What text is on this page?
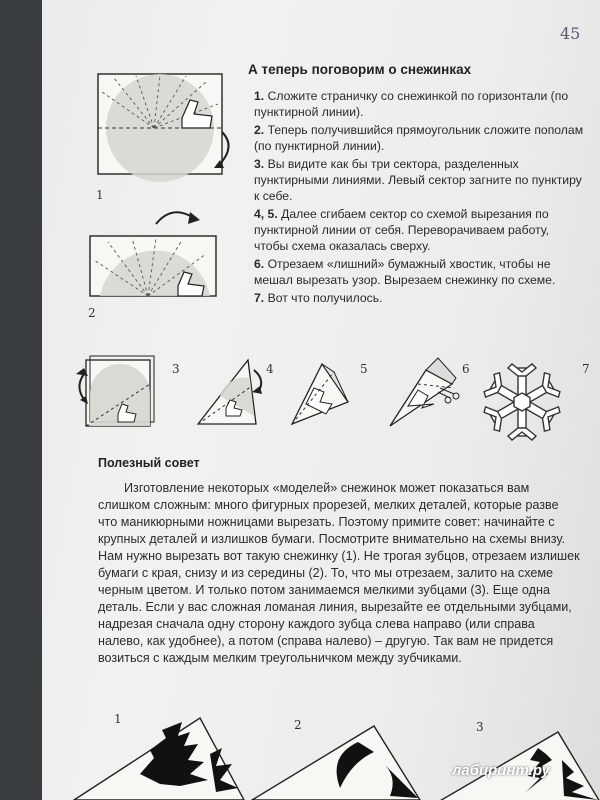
45
1
2
А теперь поговорим о снежинках

1. Сложите страничку со снежинкой по горизонтали (по пунктирной линии).

2. Теперь получившийся прямоугольник сложите пополам (по пунктирной линии).

3. Вы видите как бы три сектора, разделенных пунктирными линиями. Левый сектор загните по пунктиру к себе.

4, 5. Далее сгибаем сектор со схемой вырезания по пунктирной линии от себя. Переворачиваем работу, чтобы схема оказалась сверху.

6. Отрезаем «лишний» бумажный хвостик, чтобы не мешал вырезать узор. Вырезаем снежинку по схеме.

7. Вот что получилось.

3	4	5	6	7
Полезный совет
Изготовление некоторых «моделей» снежинок может показаться вам слишком сложным: много фигурных прорезей, мелких деталей, которые разве что маникюрными ножницами вырезать. Поэтому примите совет: начинайте с крупных деталей и излишков бумаги. Посмотрите внимательно на схемы внизу. Нам нужно вырезать вот такую снежинку (1). Не трогая зубцов, отрезаем излишек бумаги с края, снизу и из середины (2). То, что мы отрезаем, залито на схеме черным цветом. И только потом занимаемся мелкими зубцами (3). Еще одна деталь. Если у вас сложная ломаная линия, вырезайте ее отдельными зубцами, надрезая сначала одну сторону каждого зубца слева направо (или справа налево, как удобнее), а потом (справа налево) – другую. Так вам не придется возиться с каждым мелким треугольничком между зубчиками.
1	2	3
лабиринт.ру
